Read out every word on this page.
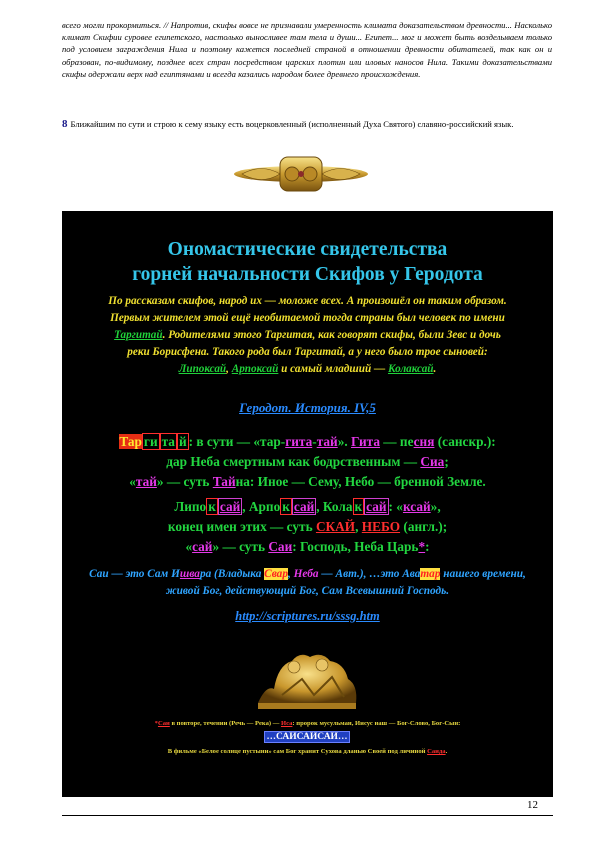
всего могли прокормиться. // Напротив, скифы вовсе не признавали умеренность климата доказательством древности... Насколько климат Скифии суровее египетского, настолько выносливее там тела и души... Египет... мог и может быть возделываем только под условием заграждения Нила и поэтому кажется последней страной в отношении древности обитателей, так как он и образован, по-видимому, позднее всех стран посредством царских плотин или иловых наносов Нила. Такими доказательствами скифы одержали верх над египтянами и всегда казались народом более древнего происхождения.
8 Ближайшим по сути и строю к сему языку есть воцерковленный (исполненный Духа Святого) славяно-российский язык.
Ономастические свидетельства
горней начальности Скифов у Геродота
По рассказам скифов, народ их — моложе всех. А произошёл он таким образом. Первым жителем этой ещё необитаемой тогда страны был человек по имени Таргитай. Родителями этого Таргитая, как говорят скифы, были Зевс и дочь реки Борисфена. Такого рода был Таргитай, а у него было трое сыновей: Липоксай, Арпоксай и самый младший — Колаксай.
Геродот. История. IV,5
Тар ги та й : в сути — «тар-гита-тай». Гита — песня (санскр.):
дар Неба смертным как бодрственным — Сиа;
«тай» — суть Тайна: Иное — Сему, Небо — бренной Земле.
Липо к сай , Арпо к сай , Кола к сай : «ксай»,
конец имен этих — суть СКАЙ, НЕБО (англ.);
«сай» — суть Саи: Господь, Неба Царь*:
Саи — это Сам Ишвара (Владыка Свар, Неба — Авт.), …это Аватар нашего времени, живой Бог, действующий Бог, Сам Всевышний Господь.
http://scriptures.ru/sssg.htm
*Саи в повторе, течении (Речь — Река) — Иса: пророк мусульман, Иисус наш — Бог-Слово, Бог-Сын:
…САИСАИСАИ…
В фильме «Белое солнце пустыни» сам Бог хранит Сухова дланью Своей под личиной Саида.
12
